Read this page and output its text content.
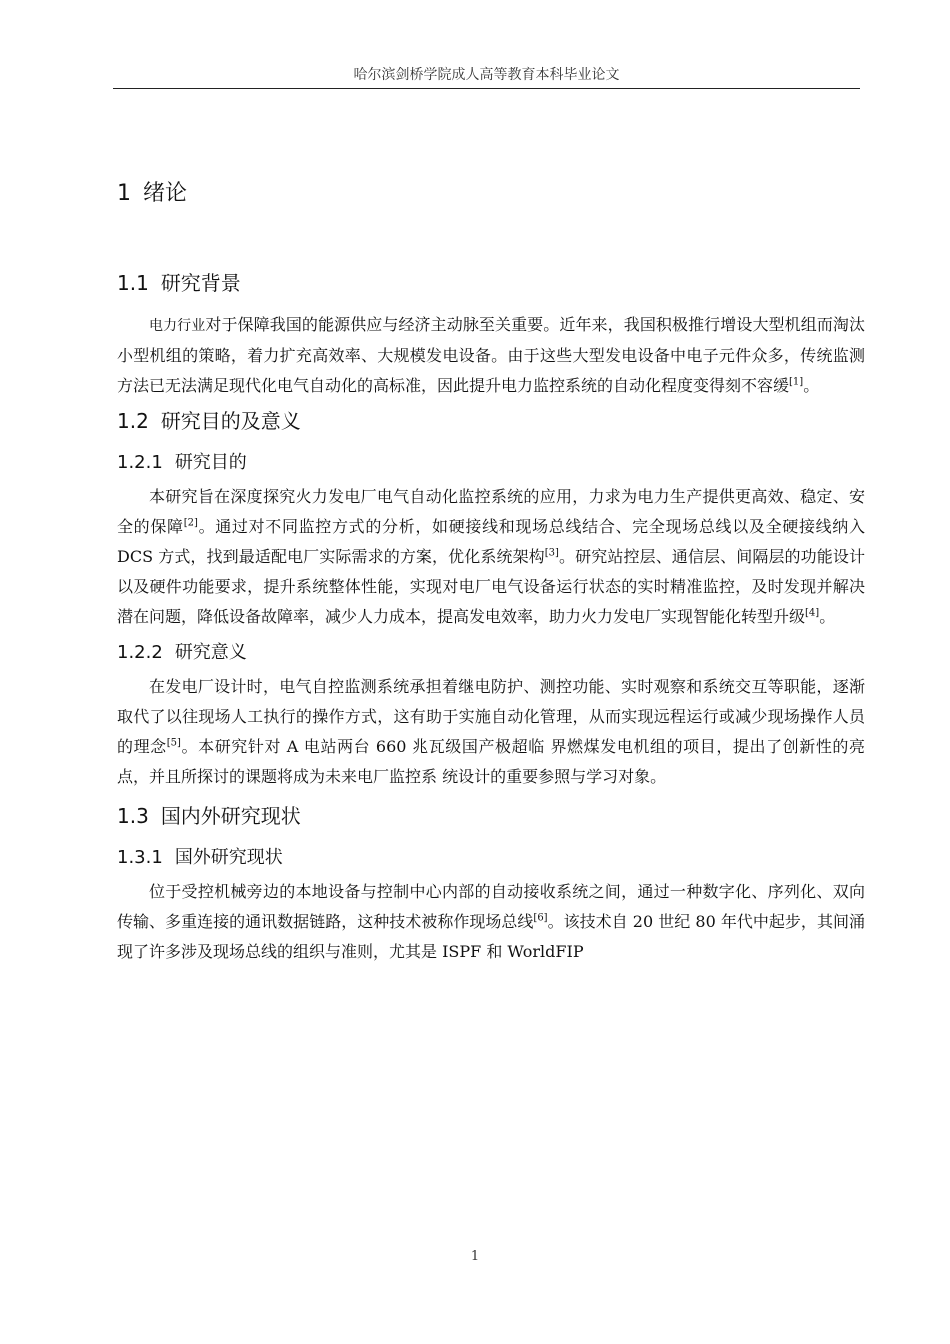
哈尔滨剑桥学院成人高等教育本科毕业论文
1 绪论
1.1 研究背景

电力行业对于保障我国的能源供应与经济主动脉至关重要。近年来，我国积极推行增设大型机组而淘汰小型机组的策略，着力扩充高效率、大规模发电设备。由于这些大型发电设备中电子元件众多，传统监测方法已无法满足现代化电气自动化的高标准，因此提升电力监控系统的自动化程度变得刻不容缓[1]。

1.2 研究目的及意义
1.2.1 研究目的

本研究旨在深度探究火力发电厂电气自动化监控系统的应用，力求为电力生产提供更高效、稳定、安全的保障[2]。通过对不同监控方式的分析，如硬接线和现场总线结合、完全现场总线以及全硬接线纳入 DCS 方式，找到最适配电厂实际需求的方案，优化系统架构[3]。研究站控层、通信层、间隔层的功能设计以及硬件功能要求，提升系统整体性能，实现对电厂电气设备运行状态的实时精准监控，及时发现并解决潜在问题，降低设备故障率，减少人力成本，提高发电效率，助力火力发电厂实现智能化转型升级[4]。

1.2.2 研究意义

在发电厂设计时，电气自控监测系统承担着继电防护、测控功能、实时观察和系统交互等职能，逐渐取代了以往现场人工执行的操作方式，这有助于实施自动化管理，从而实现远程运行或减少现场操作人员的理念[5]。本研究针对 A 电站两台 660 兆瓦级国产极超临 界燃煤发电机组的项目，提出了创新性的亮点，并且所探讨的课题将成为未来电厂监控系 统设计的重要参照与学习对象。

1.3 国内外研究现状
1.3.1 国外研究现状

位于受控机械旁边的本地设备与控制中心内部的自动接收系统之间，通过一种数字化、序列化、双向传输、多重连接的通讯数据链路，这种技术被称作现场总线[6]。该技术自 20 世纪 80 年代中起步，其间涌现了许多涉及现场总线的组织与准则，尤其是 ISPF 和 WorldFIP

1
